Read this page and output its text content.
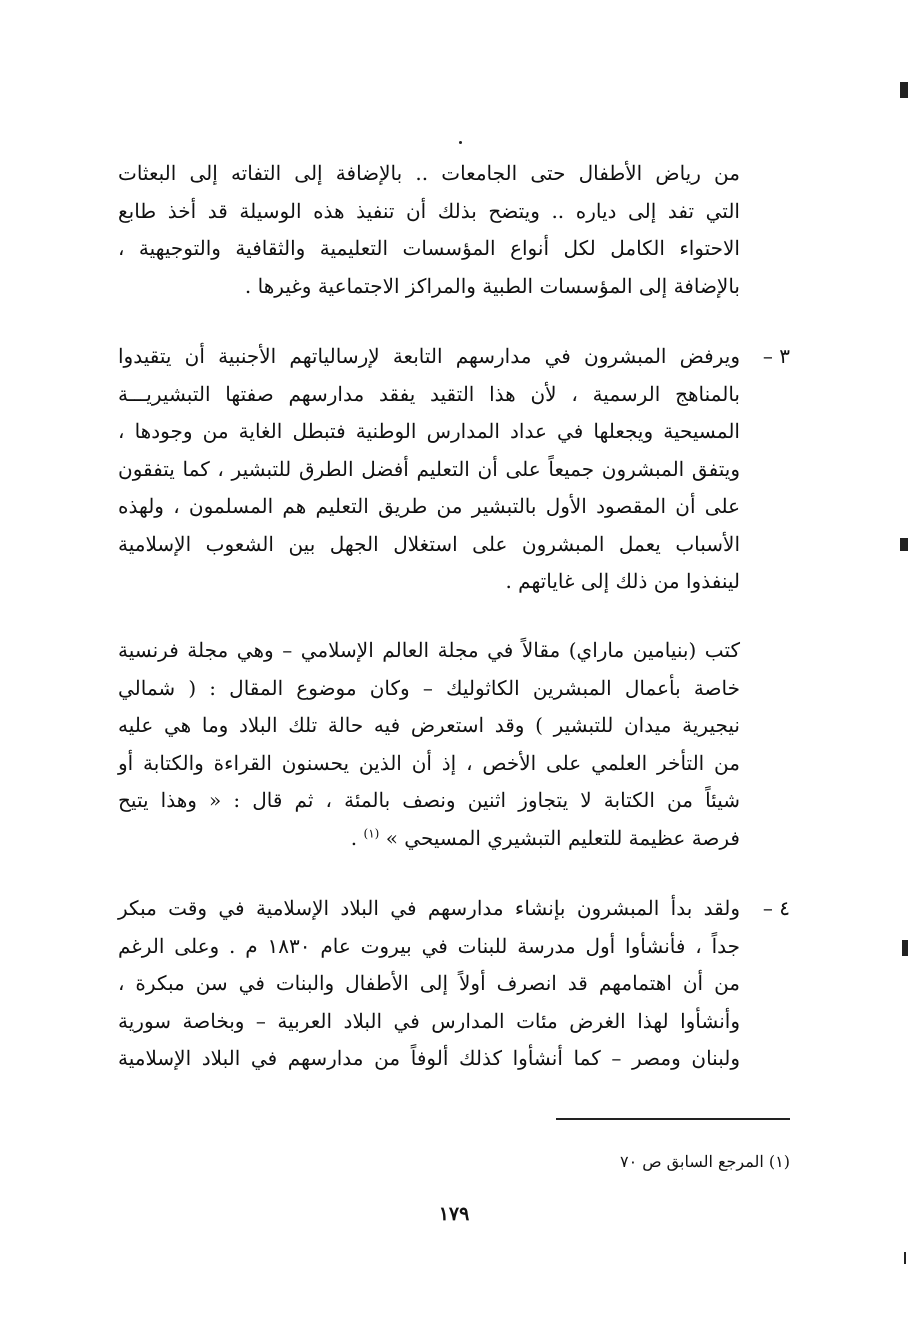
من رياض الأطفال حتى الجامعات .. بالإضافة إلى التفاته إلى البعثات
التي تفد إلى دياره .. ويتضح بذلك أن تنفيذ هذه الوسيلة قد أخذ طابع
الاحتواء الكامل لكل أنواع المؤسسات التعليمية والثقافية والتوجيهية ،
بالإضافة إلى المؤسسات الطبية والمراكز الاجتماعية وغيرها .
٣ –
ويرفض المبشرون في مدارسهم التابعة لإرسالياتهم الأجنبية أن يتقيدوا
بالمناهج الرسمية ، لأن هذا التقيد يفقد مدارسهم صفتها التبشيريـــة
المسيحية ويجعلها في عداد المدارس الوطنية فتبطل الغاية من وجودها ،
ويتفق المبشرون جميعاً على أن التعليم أفضل الطرق للتبشير ، كما يتفقون
على أن المقصود الأول بالتبشير من طريق التعليم هم المسلمون ، ولهذه
الأسباب يعمل المبشرون على استغلال الجهل بين الشعوب الإسلامية
لينفذوا من ذلك إلى غاياتهم .
كتب (بنيامين ماراي) مقالاً في مجلة العالم الإسلامي – وهي مجلة فرنسية
خاصة بأعمال المبشرين الكاثوليك – وكان موضوع المقال : ( شمالي
نيجيرية ميدان للتبشير ) وقد استعرض فيه حالة تلك البلاد وما هي عليه
من التأخر العلمي على الأخص ، إذ أن الذين يحسنون القراءة والكتابة أو
شيئاً من الكتابة لا يتجاوز اثنين ونصف بالمئة ، ثم قال : « وهذا يتيح
فرصة عظيمة للتعليم التبشيري المسيحي » $^{(١)}$ .
٤ –
ولقد بدأ المبشرون بإنشاء مدارسهم في البلاد الإسلامية في وقت مبكر
جداً ، فأنشأوا أول مدرسة للبنات في بيروت عام ١٨٣٠ م . وعلى الرغم
من أن اهتمامهم قد انصرف أولاً إلى الأطفال والبنات في سن مبكرة ،
وأنشأوا لهذا الغرض مئات المدارس في البلاد العربية – وبخاصة سورية
ولبنان ومصر – كما أنشأوا كذلك ألوفاً من مدارسهم في البلاد الإسلامية
(١) المرجع السابق ص ٧٠
١٧٩
